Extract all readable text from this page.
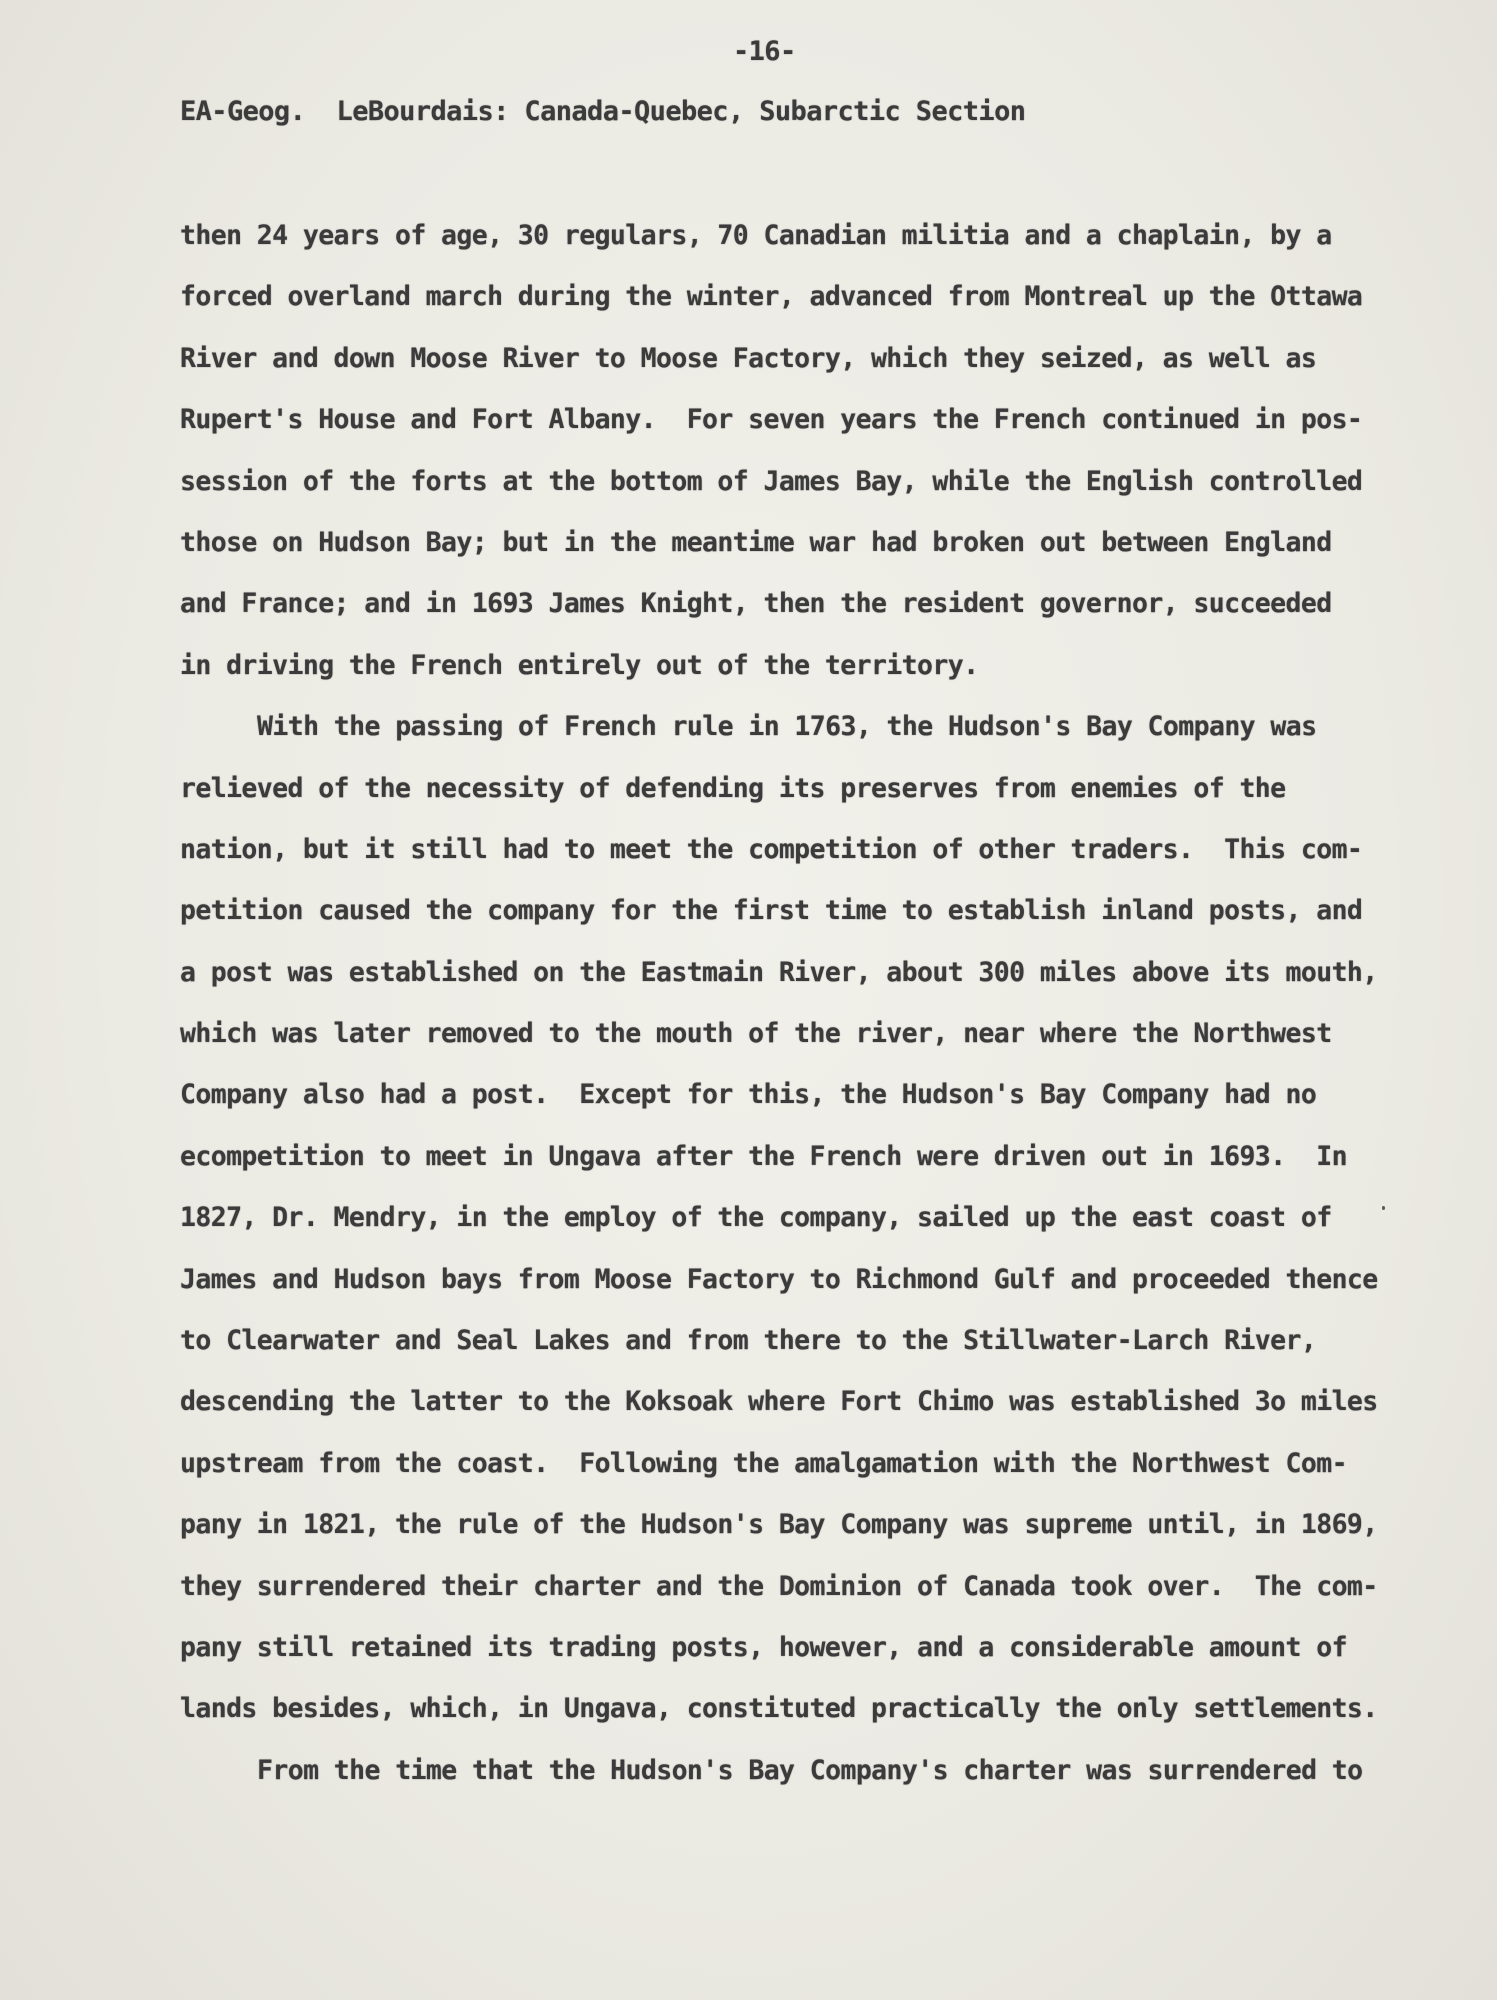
-16-
EA-Geog.  LeBourdais: Canada-Quebec, Subarctic Section
then 24 years of age, 30 regulars, 70 Canadian militia and a chaplain, by a
forced overland march during the winter, advanced from Montreal up the Ottawa
River and down Moose River to Moose Factory, which they seized, as well as
Rupert's House and Fort Albany.  For seven years the French continued in pos-
session of the forts at the bottom of James Bay, while the English controlled
those on Hudson Bay; but in the meantime war had broken out between England
and France; and in 1693 James Knight, then the resident governor, succeeded
in driving the French entirely out of the territory.
With the passing of French rule in 1763, the Hudson's Bay Company was
relieved of the necessity of defending its preserves from enemies of the
nation, but it still had to meet the competition of other traders.  This com-
petition caused the company for the first time to establish inland posts, and
a post was established on the Eastmain River, about 300 miles above its mouth,
which was later removed to the mouth of the river, near where the Northwest
Company also had a post.  Except for this, the Hudson's Bay Company had no
ecompetition to meet in Ungava after the French were driven out in 1693.  In
1827, Dr. Mendry, in the employ of the company, sailed up the east coast of
James and Hudson bays from Moose Factory to Richmond Gulf and proceeded thence
to Clearwater and Seal Lakes and from there to the Stillwater-Larch River,
descending the latter to the Koksoak where Fort Chimo was established 3o miles
upstream from the coast.  Following the amalgamation with the Northwest Com-
pany in 1821, the rule of the Hudson's Bay Company was supreme until, in 1869,
they surrendered their charter and the Dominion of Canada took over.  The com-
pany still retained its trading posts, however, and a considerable amount of
lands besides, which, in Ungava, constituted practically the only settlements.
From the time that the Hudson's Bay Company's charter was surrendered to
